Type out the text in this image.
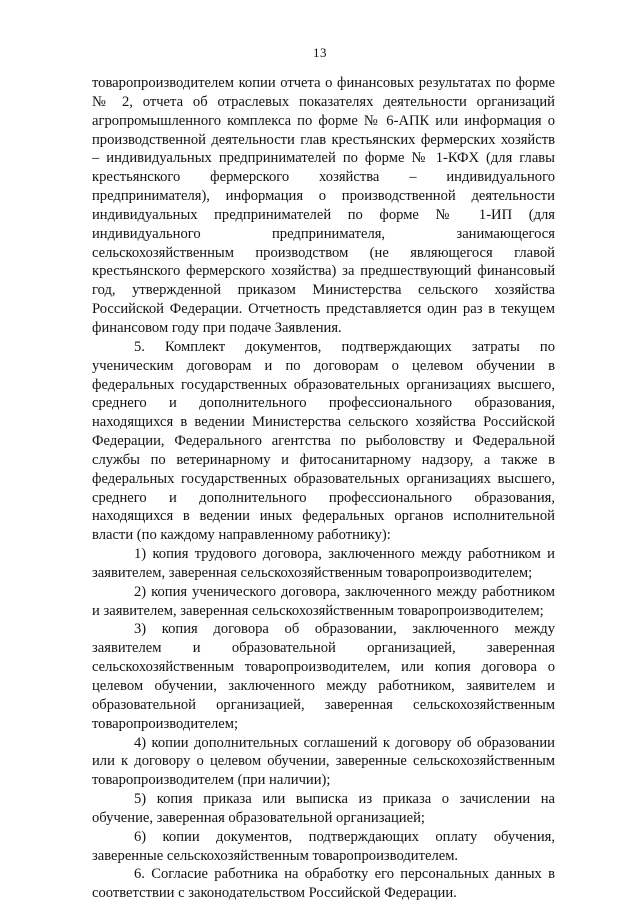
13

товаропроизводителем копии отчета о финансовых результатах по форме № 2, отчета об отраслевых показателях деятельности организаций агропромышленного комплекса по форме № 6-АПК или информация о производственной деятельности глав крестьянских фермерских хозяйств – индивидуальных предпринимателей по форме № 1-КФХ (для главы крестьянского фермерского хозяйства – индивидуального предпринимателя), информация о производственной деятельности индивидуальных предпринимателей по форме № 1-ИП (для индивидуального предпринимателя, занимающегося сельскохозяйственным производством (не являющегося главой крестьянского фермерского хозяйства) за предшествующий финансовый год, утвержденной приказом Министерства сельского хозяйства Российской Федерации. Отчетность представляется один раз в текущем финансовом году при подаче Заявления.

5. Комплект документов, подтверждающих затраты по ученическим договорам и по договорам о целевом обучении в федеральных государственных образовательных организациях высшего, среднего и дополнительного профессионального образования, находящихся в ведении Министерства сельского хозяйства Российской Федерации, Федерального агентства по рыболовству и Федеральной службы по ветеринарному и фитосанитарному надзору, а также в федеральных государственных образовательных организациях высшего, среднего и дополнительного профессионального образования, находящихся в ведении иных федеральных органов исполнительной власти (по каждому направленному работнику):

1) копия трудового договора, заключенного между работником и заявителем, заверенная сельскохозяйственным товаропроизводителем;

2) копия ученического договора, заключенного между работником и заявителем, заверенная сельскохозяйственным товаропроизводителем;

3) копия договора об образовании, заключенного между заявителем и образовательной организацией, заверенная сельскохозяйственным товаропроизводителем, или копия договора о целевом обучении, заключенного между работником, заявителем и образовательной организацией, заверенная сельскохозяйственным товаропроизводителем;

4) копии дополнительных соглашений к договору об образовании или к договору о целевом обучении, заверенные сельскохозяйственным товаропроизводителем (при наличии);

5) копия приказа или выписка из приказа о зачислении на обучение, заверенная образовательной организацией;

6) копии документов, подтверждающих оплату обучения, заверенные сельскохозяйственным товаропроизводителем.

6. Согласие работника на обработку его персональных данных в соответствии с законодательством Российской Федерации.
